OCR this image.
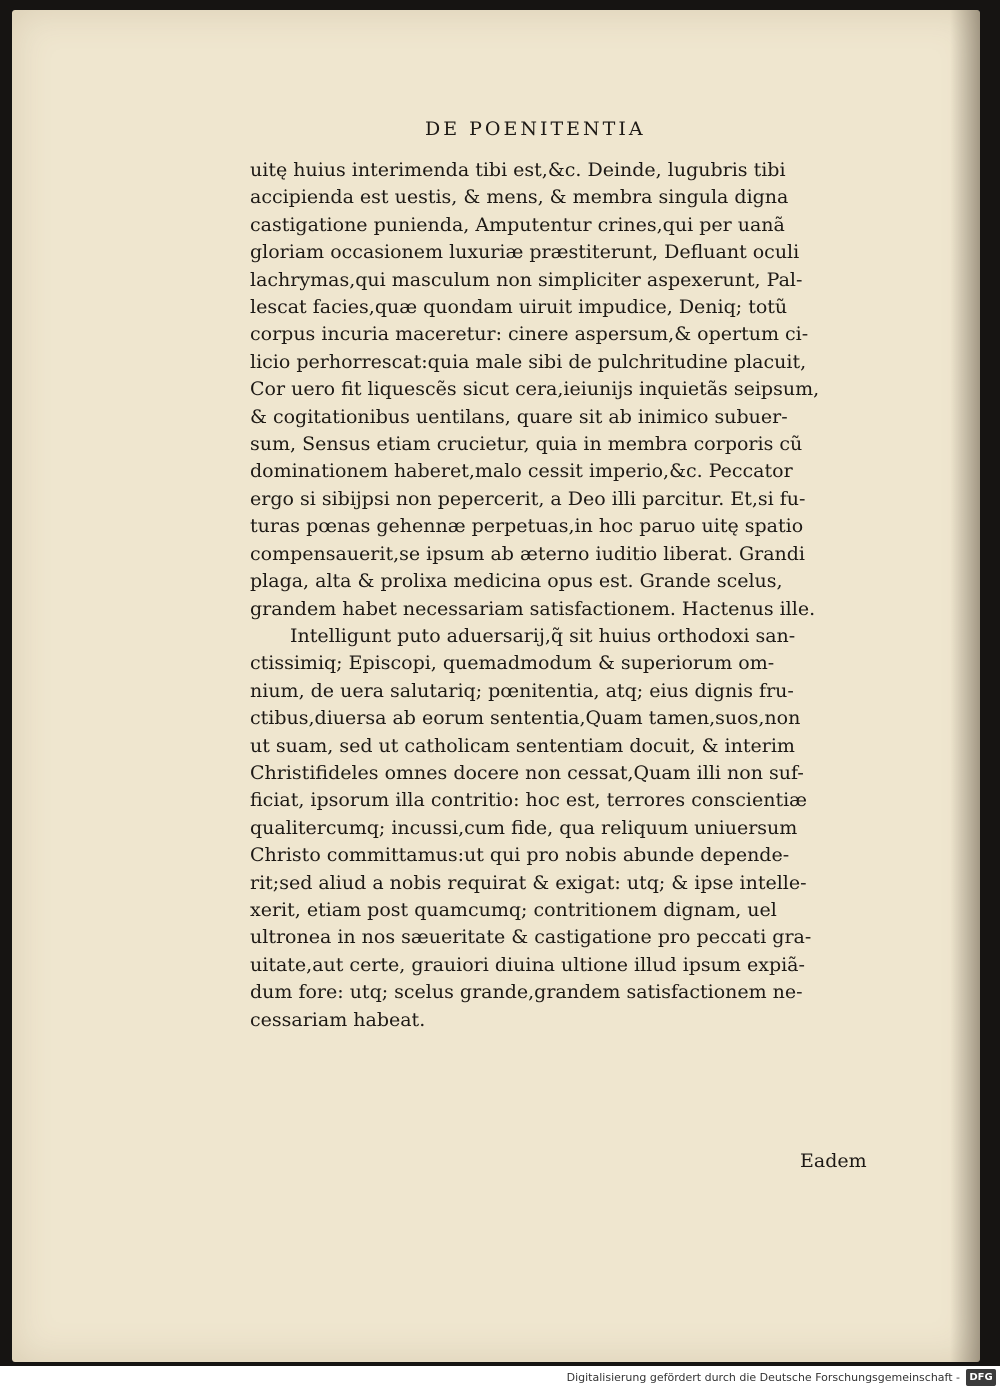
DE POENITENTIA
uitę huius interimenda tibi est,&c. Deinde, lugubris tibi
accipienda est uestis, & mens, & membra singula digna
castigatione punienda, Amputentur crines,qui per uanã
gloriam occasionem luxuriæ præstiterunt, Defluant oculi
lachrymas,qui masculum non simpliciter aspexerunt, Pal-
lescat facies,quæ quondam uiruit impudice, Deniq; totũ
corpus incuria maceretur: cinere aspersum,& opertum ci-
licio perhorrescat:quia male sibi de pulchritudine placuit,
Cor uero fit liquescẽs sicut cera,ieiunijs inquietãs seipsum,
& cogitationibus uentilans, quare sit ab inimico subuer-
sum, Sensus etiam crucietur, quia in membra corporis cũ
dominationem haberet,malo cessit imperio,&c. Peccator
ergo si sibijpsi non pepercerit, a Deo illi parcitur. Et,si fu-
turas pœnas gehennæ perpetuas,in hoc paruo uitę spatio
compensauerit,se ipsum ab æterno iuditio liberat. Grandi
plaga, alta & prolixa medicina opus est. Grande scelus,
grandem habet necessariam satisfactionem. Hactenus ille.
Intelligunt puto aduersarij,q̃ sit huius orthodoxi san-
ctissimiq; Episcopi, quemadmodum & superiorum om-
nium, de uera salutariq; pœnitentia, atq; eius dignis fru-
ctibus,diuersa ab eorum sententia,Quam tamen,suos,non
ut suam, sed ut catholicam sententiam docuit, & interim
Christifideles omnes docere non cessat,Quam illi non suf-
ficiat, ipsorum illa contritio: hoc est, terrores conscientiæ
qualitercumq; incussi,cum fide, qua reliquum uniuersum
Christo committamus:ut qui pro nobis abunde depende-
rit;sed aliud a nobis requirat & exigat: utq; & ipse intelle-
xerit, etiam post quamcumq; contritionem dignam, uel
ultronea in nos sæueritate & castigatione pro peccati gra-
uitate,aut certe, grauiori diuina ultione illud ipsum expiã-
dum fore: utq; scelus grande,grandem satisfactionem ne-
cessariam habeat.
Eadem
Digitalisierung gefördert durch die Deutsche Forschungsgemeinschaft - DFG
